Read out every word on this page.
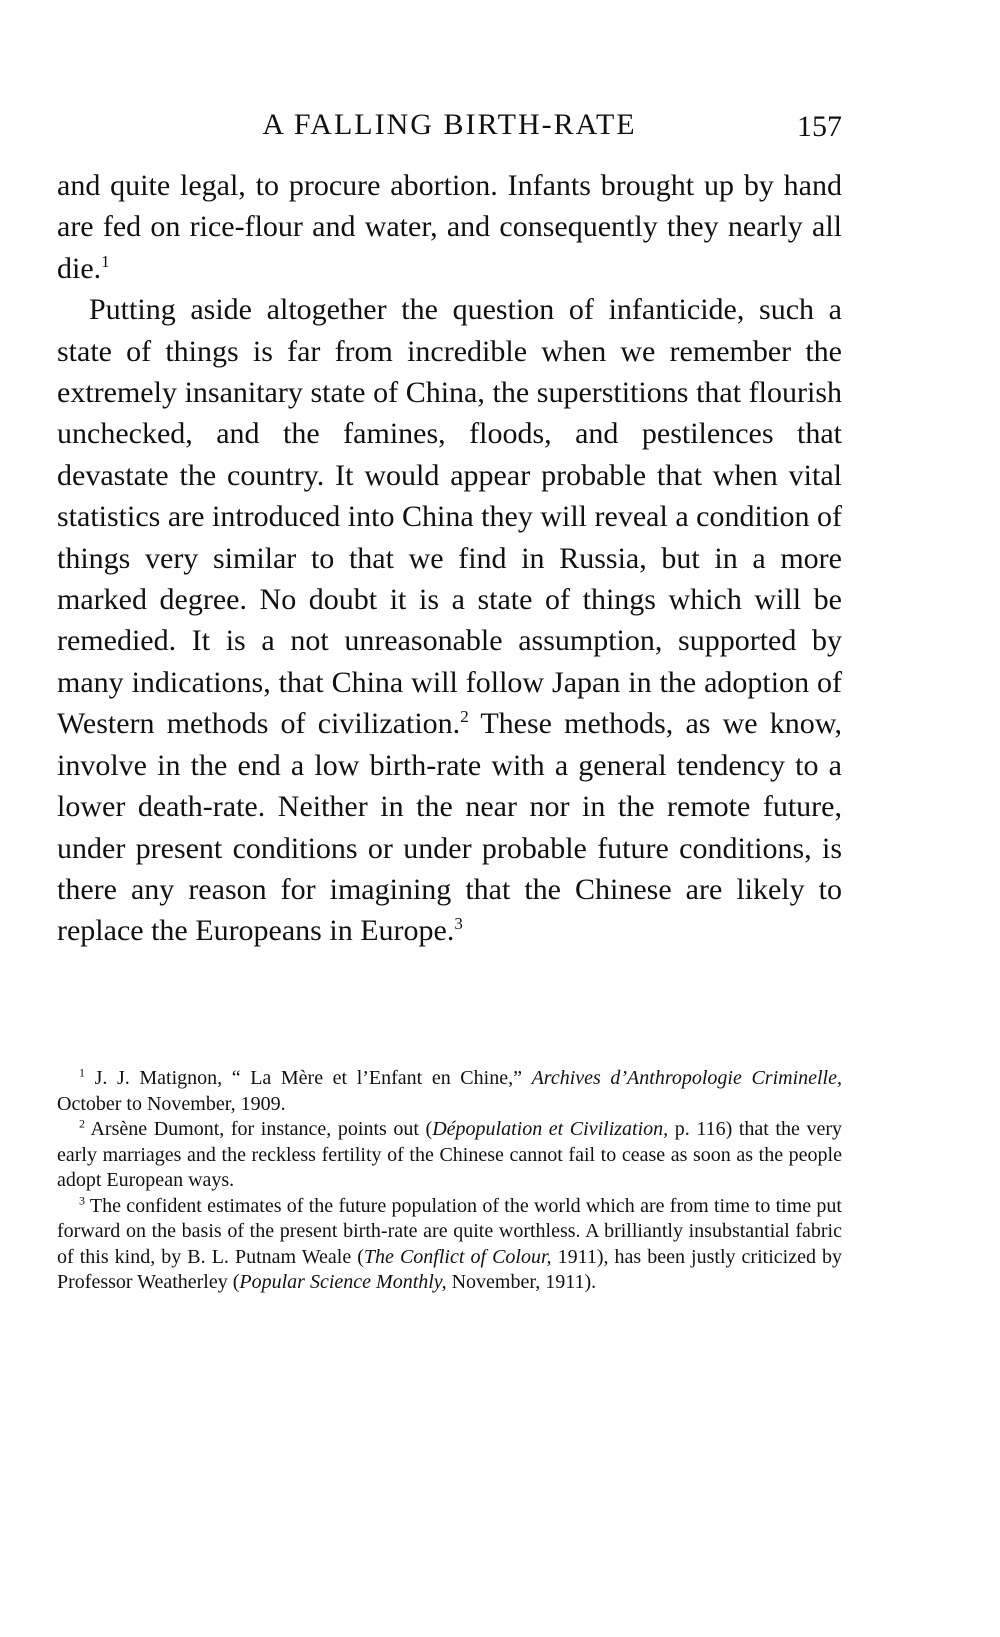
A FALLING BIRTH-RATE	157

and quite legal, to procure abortion. Infants brought up by hand are fed on rice-flour and water, and consequently they nearly all die.$^1$

Putting aside altogether the question of infanticide, such a state of things is far from incredible when we remember the extremely insanitary state of China, the superstitions that flourish unchecked, and the famines, floods, and pestilences that devastate the country. It would appear probable that when vital statistics are introduced into China they will reveal a condition of things very similar to that we find in Russia, but in a more marked degree. No doubt it is a state of things which will be remedied. It is a not unreasonable assumption, supported by many indications, that China will follow Japan in the adoption of Western methods of civilization.$^2$ These methods, as we know, involve in the end a low birth-rate with a general tendency to a lower death-rate. Neither in the near nor in the remote future, under present conditions or under probable future conditions, is there any reason for imagining that the Chinese are likely to replace the Europeans in Europe.$^3$

$^1$ J. J. Matignon, “ La Mère et l’Enfant en Chine,” Archives d’Anthropologie Criminelle, October to November, 1909.

$^2$ Arsène Dumont, for instance, points out (Dépopulation et Civilization, p. 116) that the very early marriages and the reckless fertility of the Chinese cannot fail to cease as soon as the people adopt European ways.

$^3$ The confident estimates of the future population of the world which are from time to time put forward on the basis of the present birth-rate are quite worthless. A brilliantly insubstantial fabric of this kind, by B. L. Putnam Weale (The Conflict of Colour, 1911), has been justly criticized by Professor Weatherley (Popular Science Monthly, November, 1911).
